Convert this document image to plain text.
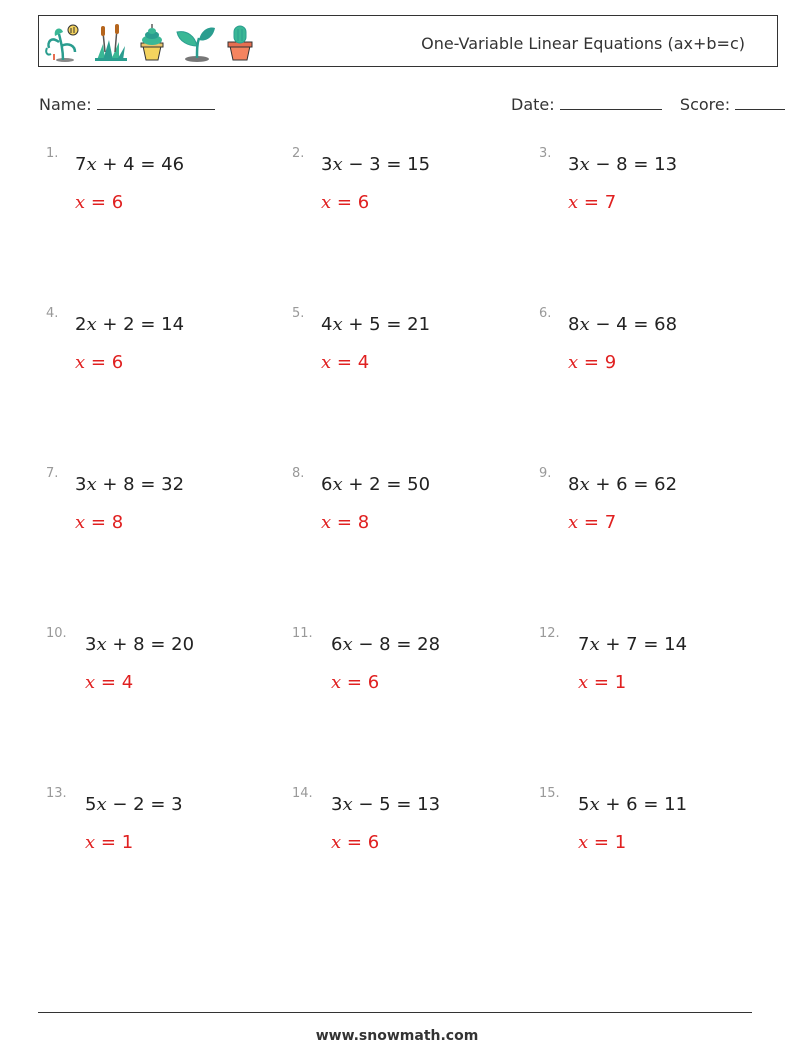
One-Variable Linear Equations (ax+b=c)
Name:	Date:	Score:
1.
7x + 4 = 46
x = 6
2.
3x − 3 = 15
x = 6
3.
3x − 8 = 13
x = 7
4.
2x + 2 = 14
x = 6
5.
4x + 5 = 21
x = 4
6.
8x − 4 = 68
x = 9
7.
3x + 8 = 32
x = 8
8.
6x + 2 = 50
x = 8
9.
8x + 6 = 62
x = 7
10.
3x + 8 = 20
x = 4
11.
6x − 8 = 28
x = 6
12.
7x + 7 = 14
x = 1
13.
5x − 2 = 3
x = 1
14.
3x − 5 = 13
x = 6
15.
5x + 6 = 11
x = 1
www.snowmath.com
